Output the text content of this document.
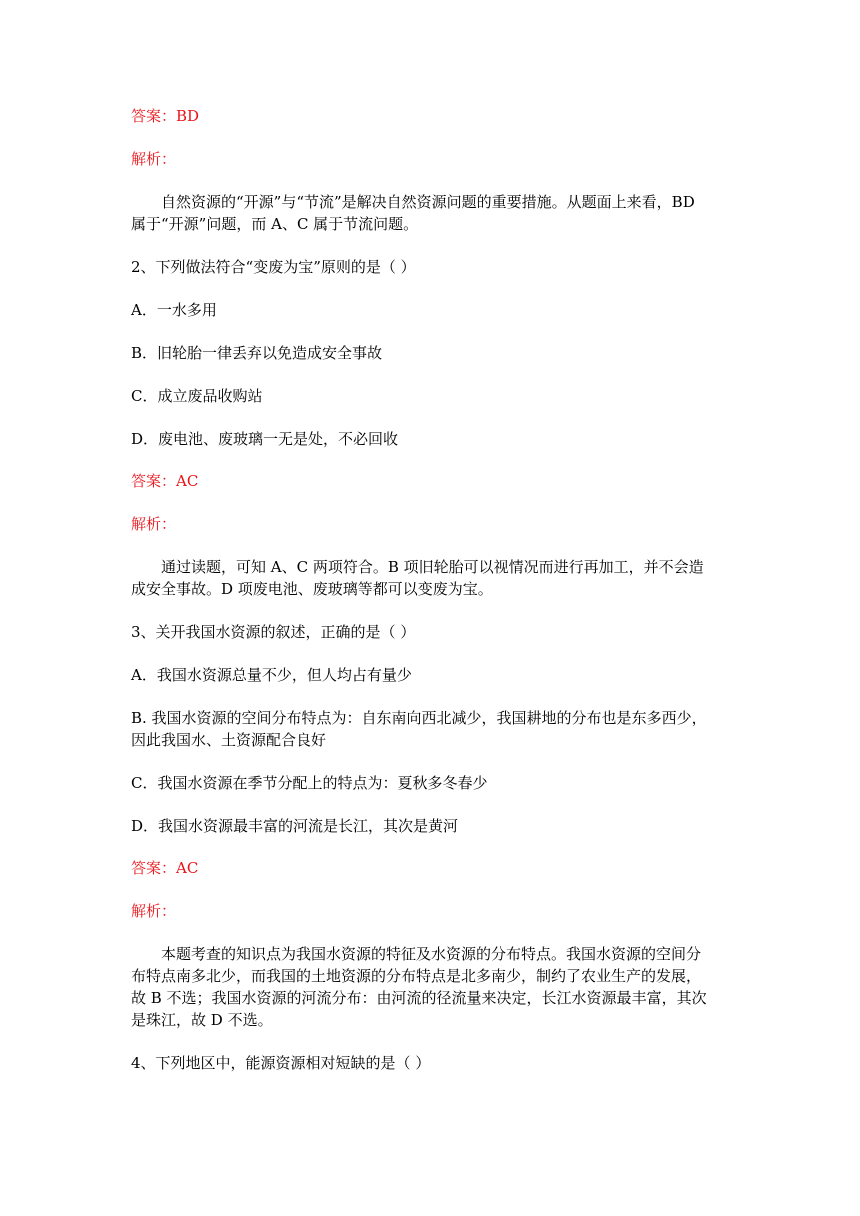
答案：BD
解析：
自然资源的“开源”与“节流”是解决自然资源问题的重要措施。从题面上来看，BD
属于“开源”问题，而 A、C 属于节流问题。
2、下列做法符合“变废为宝”原则的是（ ）
A．一水多用
B．旧轮胎一律丢弃以免造成安全事故
C．成立废品收购站
D．废电池、废玻璃一无是处，不必回收
答案：AC
解析：
通过读题，可知 A、C 两项符合。B 项旧轮胎可以视情况而进行再加工，并不会造
成安全事故。D 项废电池、废玻璃等都可以变废为宝。
3、关开我国水资源的叙述，正确的是（ ）
A．我国水资源总量不少，但人均占有量少
B. 我国水资源的空间分布特点为：自东南向西北减少，我国耕地的分布也是东多西少，
因此我国水、土资源配合良好
C．我国水资源在季节分配上的特点为：夏秋多冬春少
D．我国水资源最丰富的河流是长江，其次是黄河
答案：AC
解析：
本题考查的知识点为我国水资源的特征及水资源的分布特点。我国水资源的空间分
布特点南多北少，而我国的土地资源的分布特点是北多南少，制约了农业生产的发展，
故 B 不选；我国水资源的河流分布：由河流的径流量来决定，长江水资源最丰富，其次
是珠江，故 D 不选。
4、下列地区中，能源资源相对短缺的是（ ）
